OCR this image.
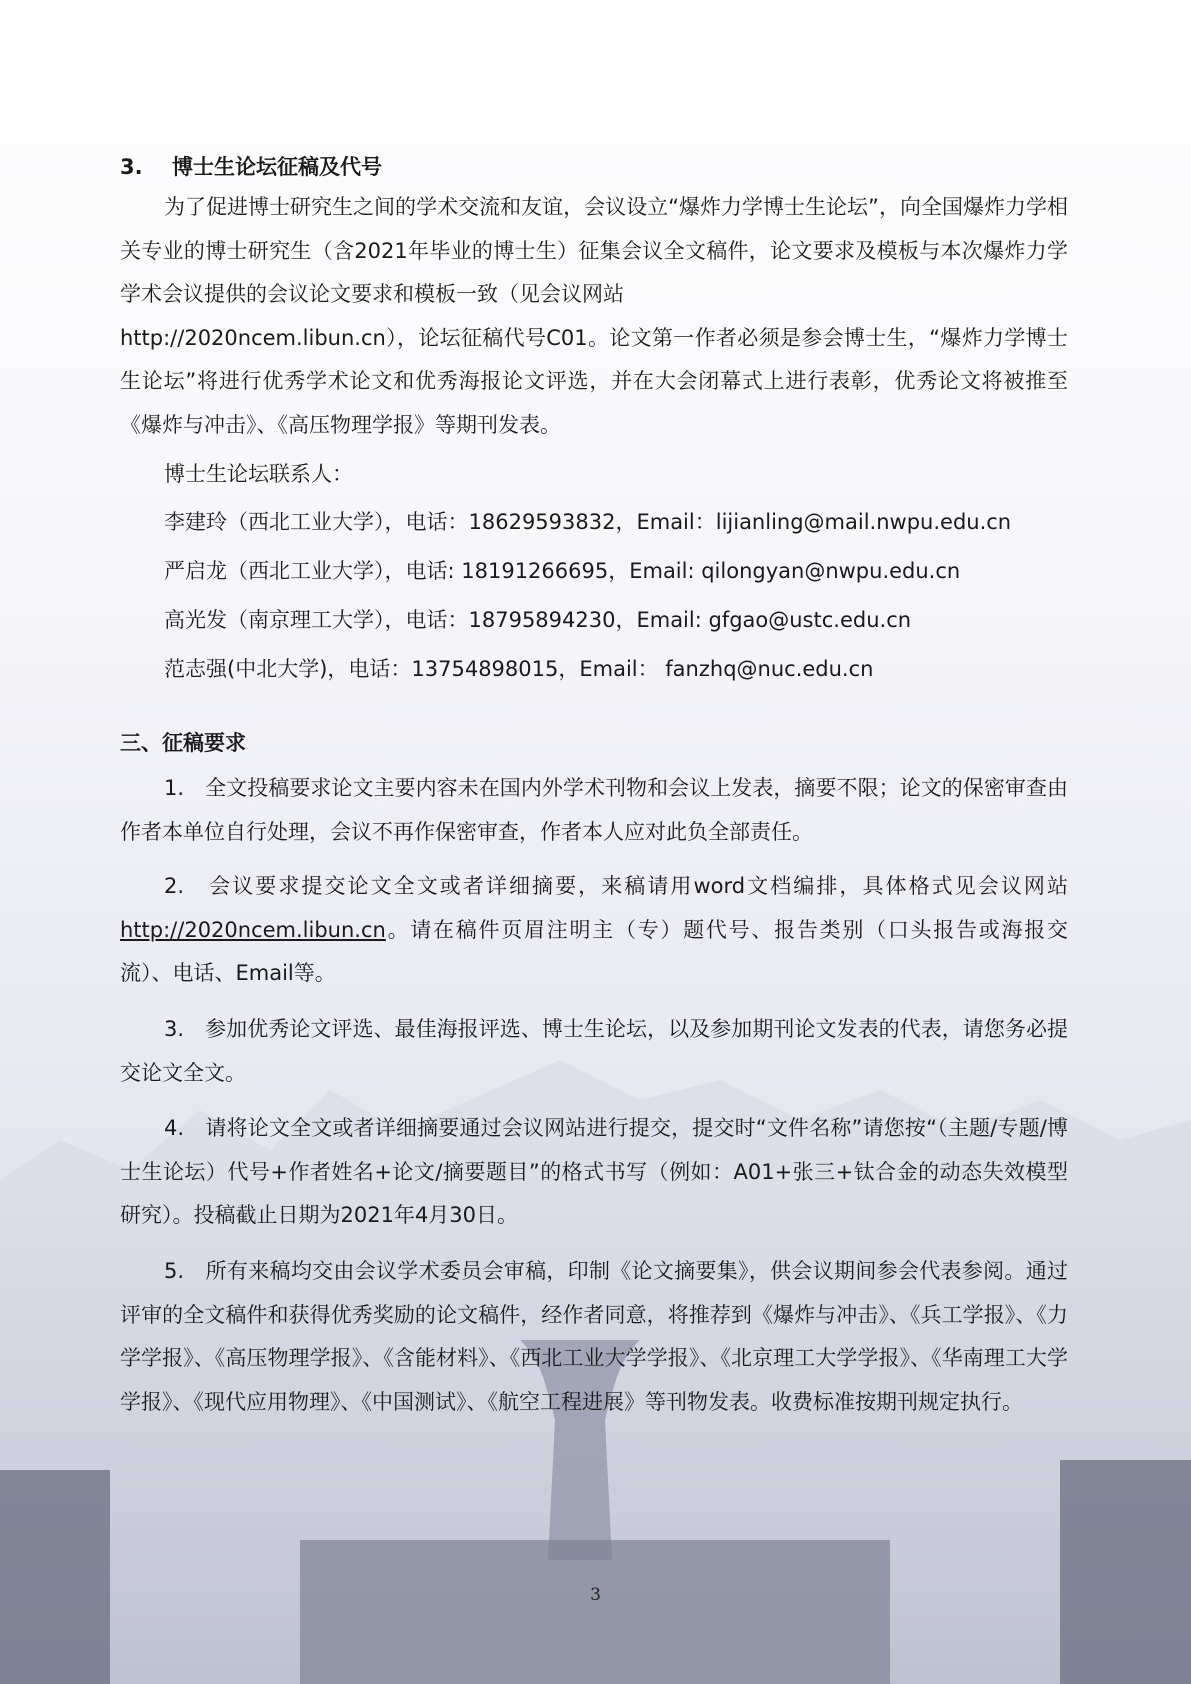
3. 博士生论坛征稿及代号
为了促进博士研究生之间的学术交流和友谊，会议设立“爆炸力学博士生论坛”，向全国爆炸力学相关专业的博士研究生（含2021年毕业的博士生）征集会议全文稿件，论文要求及模板与本次爆炸力学学术会议提供的会议论文要求和模板一致（见会议网站
http://2020ncem.libun.cn），论坛征稿代号C01。论文第一作者必须是参会博士生，“爆炸力学博士生论坛”将进行优秀学术论文和优秀海报论文评选，并在大会闭幕式上进行表彰，优秀论文将被推至《爆炸与冲击》、《高压物理学报》等期刊发表。
博士生论坛联系人：
李建玲（西北工业大学），电话：18629593832，Email：lijianling@mail.nwpu.edu.cn
严启龙（西北工业大学），电话: 18191266695，Email: qilongyan@nwpu.edu.cn
高光发（南京理工大学），电话：18795894230，Email: gfgao@ustc.edu.cn
范志强(中北大学)，电话：13754898015，Email： fanzhq@nuc.edu.cn
三、征稿要求
1.　全文投稿要求论文主要内容未在国内外学术刊物和会议上发表，摘要不限；论文的保密审查由作者本单位自行处理，会议不再作保密审查，作者本人应对此负全部责任。
2.　会议要求提交论文全文或者详细摘要，来稿请用word文档编排，具体格式见会议网站 http://2020ncem.libun.cn。请在稿件页眉注明主（专）题代号、报告类别（口头报告或海报交流）、电话、Email等。
3.　参加优秀论文评选、最佳海报评选、博士生论坛，以及参加期刊论文发表的代表，请您务必提交论文全文。
4.　请将论文全文或者详细摘要通过会议网站进行提交，提交时“文件名称”请您按“（主题/专题/博士生论坛）代号+作者姓名+论文/摘要题目”的格式书写（例如：A01+张三+钛合金的动态失效模型研究）。投稿截止日期为2021年4月30日。
5.　所有来稿均交由会议学术委员会审稿，印制《论文摘要集》，供会议期间参会代表参阅。通过评审的全文稿件和获得优秀奖励的论文稿件，经作者同意，将推荐到《爆炸与冲击》、《兵工学报》、《力学学报》、《高压物理学报》、《含能材料》、《西北工业大学学报》、《北京理工大学学报》、《华南理工大学学报》、《现代应用物理》、《中国测试》、《航空工程进展》等刊物发表。收费标准按期刊规定执行。
3
